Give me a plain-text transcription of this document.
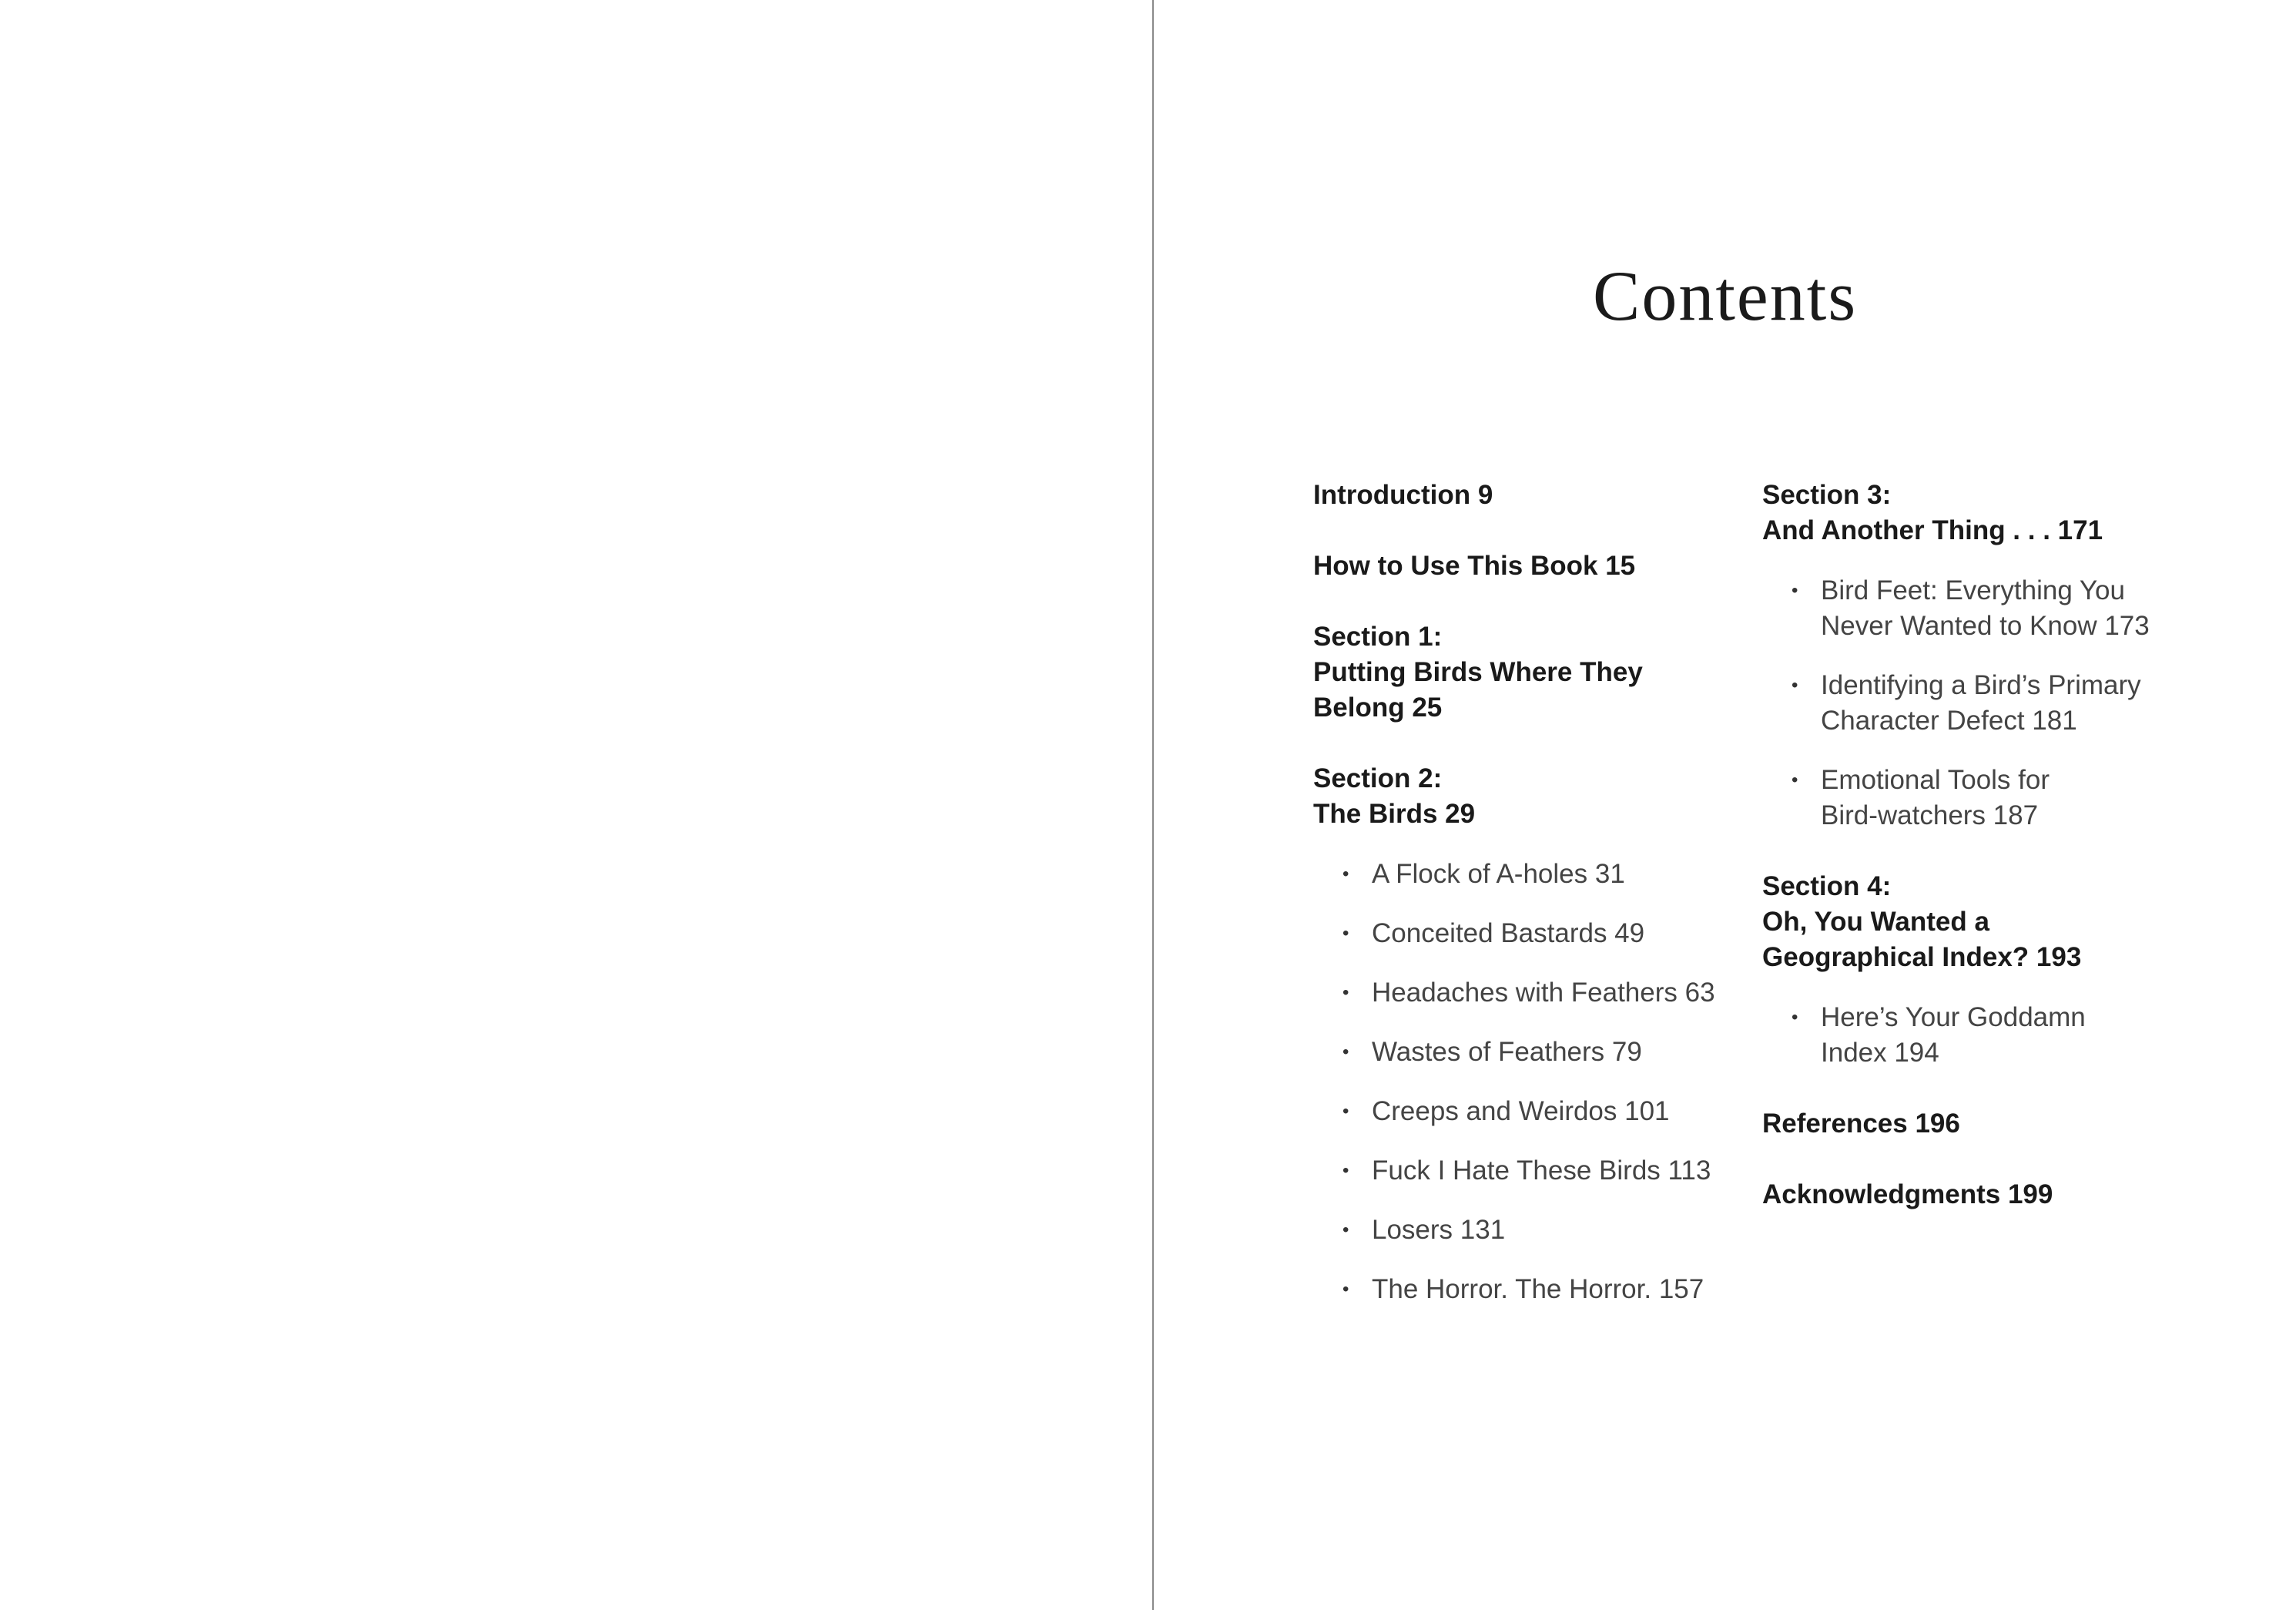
Contents
Introduction 9
How to Use This Book 15
Section 1:
Putting Birds Where They
Belong 25
Section 2:
The Birds 29
• A Flock of A-holes 31
• Conceited Bastards 49
• Headaches with Feathers 63
• Wastes of Feathers 79
• Creeps and Weirdos 101
• Fuck I Hate These Birds 113
• Losers 131
• The Horror. The Horror. 157
Section 3:
And Another Thing . . . 171
• Bird Feet: Everything You
Never Wanted to Know 173
• Identifying a Bird’s Primary
Character Defect 181
• Emotional Tools for
Bird-watchers 187
Section 4:
Oh, You Wanted a
Geographical Index? 193
• Here’s Your Goddamn
Index 194
References 196
Acknowledgments 199
